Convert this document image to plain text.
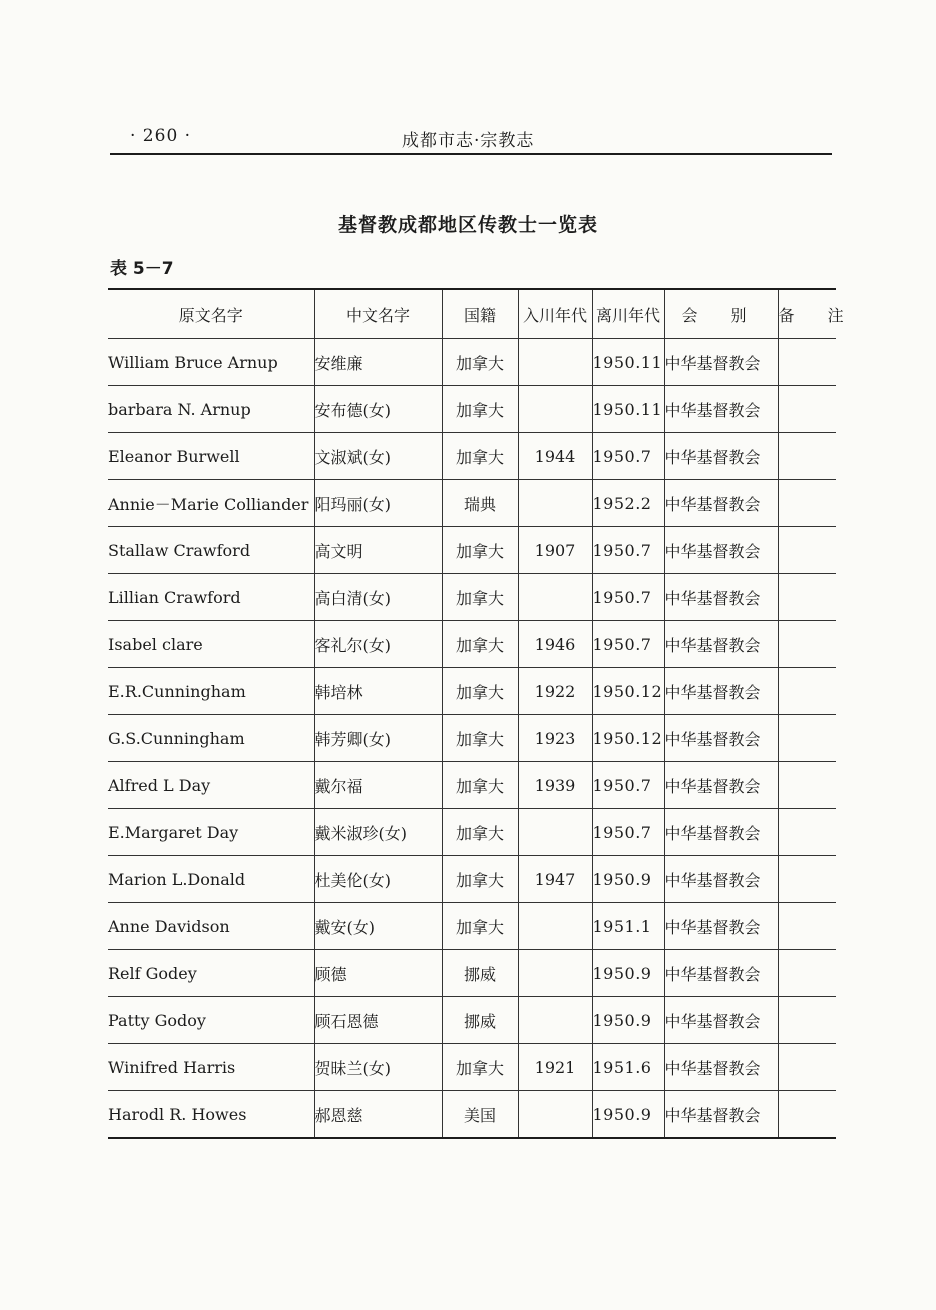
· 260 ·	成都市志·宗教志
基督教成都地区传教士一览表
表 5－7
原文名字	中文名字	国籍	入川年代	离川年代	会 别	备 注
William Bruce Arnup	安维廉	加拿大		1950.11	中华基督教会	
barbara N. Arnup	安布德(女)	加拿大		1950.11	中华基督教会	
Eleanor Burwell	文淑斌(女)	加拿大	1944	1950.7	中华基督教会	
Annie－Marie Colliander	阳玛丽(女)	瑞典		1952.2	中华基督教会	
Stallaw Crawford	高文明	加拿大	1907	1950.7	中华基督教会	
Lillian Crawford	高白清(女)	加拿大		1950.7	中华基督教会	
Isabel clare	客礼尔(女)	加拿大	1946	1950.7	中华基督教会	
E.R.Cunningham	韩培林	加拿大	1922	1950.12	中华基督教会	
G.S.Cunningham	韩芳卿(女)	加拿大	1923	1950.12	中华基督教会	
Alfred L Day	戴尔福	加拿大	1939	1950.7	中华基督教会	
E.Margaret Day	戴米淑珍(女)	加拿大		1950.7	中华基督教会	
Marion L.Donald	杜美伦(女)	加拿大	1947	1950.9	中华基督教会	
Anne Davidson	戴安(女)	加拿大		1951.1	中华基督教会	
Relf Godey	顾德	挪威		1950.9	中华基督教会	
Patty Godoy	顾石恩德	挪威		1950.9	中华基督教会	
Winifred Harris	贺昧兰(女)	加拿大	1921	1951.6	中华基督教会	
Harodl R. Howes	郝恩慈	美国		1950.9	中华基督教会	
